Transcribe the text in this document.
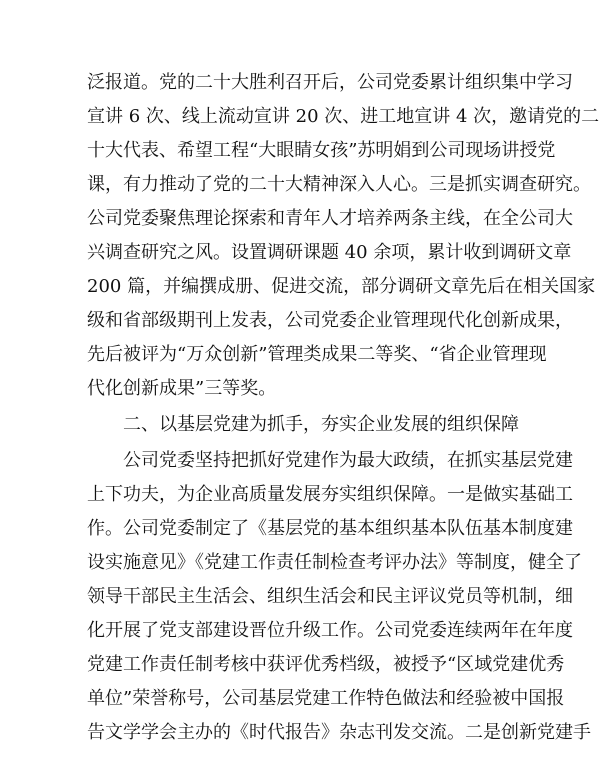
泛报道。党的二十大胜利召开后，公司党委累计组织集中学习
宣讲 6 次、线上流动宣讲 20 次、进工地宣讲 4 次，邀请党的二
十大代表、希望工程“大眼睛女孩”苏明娟到公司现场讲授党
课，有力推动了党的二十大精神深入人心。三是抓实调查研究。
公司党委聚焦理论探索和青年人才培养两条主线，在全公司大
兴调查研究之风。设置调研课题 40 余项，累计收到调研文章
200 篇，并编撰成册、促进交流，部分调研文章先后在相关国家
级和省部级期刊上发表，公司党委企业管理现代化创新成果，
先后被评为“万众创新”管理类成果二等奖、“省企业管理现
代化创新成果”三等奖。
二、以基层党建为抓手，夯实企业发展的组织保障
公司党委坚持把抓好党建作为最大政绩，在抓实基层党建
上下功夫，为企业高质量发展夯实组织保障。一是做实基础工
作。公司党委制定了《基层党的基本组织基本队伍基本制度建
设实施意见》《党建工作责任制检查考评办法》等制度，健全了
领导干部民主生活会、组织生活会和民主评议党员等机制，细
化开展了党支部建设晋位升级工作。公司党委连续两年在年度
党建工作责任制考核中获评优秀档级，被授予“区域党建优秀
单位”荣誉称号，公司基层党建工作特色做法和经验被中国报
告文学学会主办的《时代报告》杂志刊发交流。二是创新党建手
